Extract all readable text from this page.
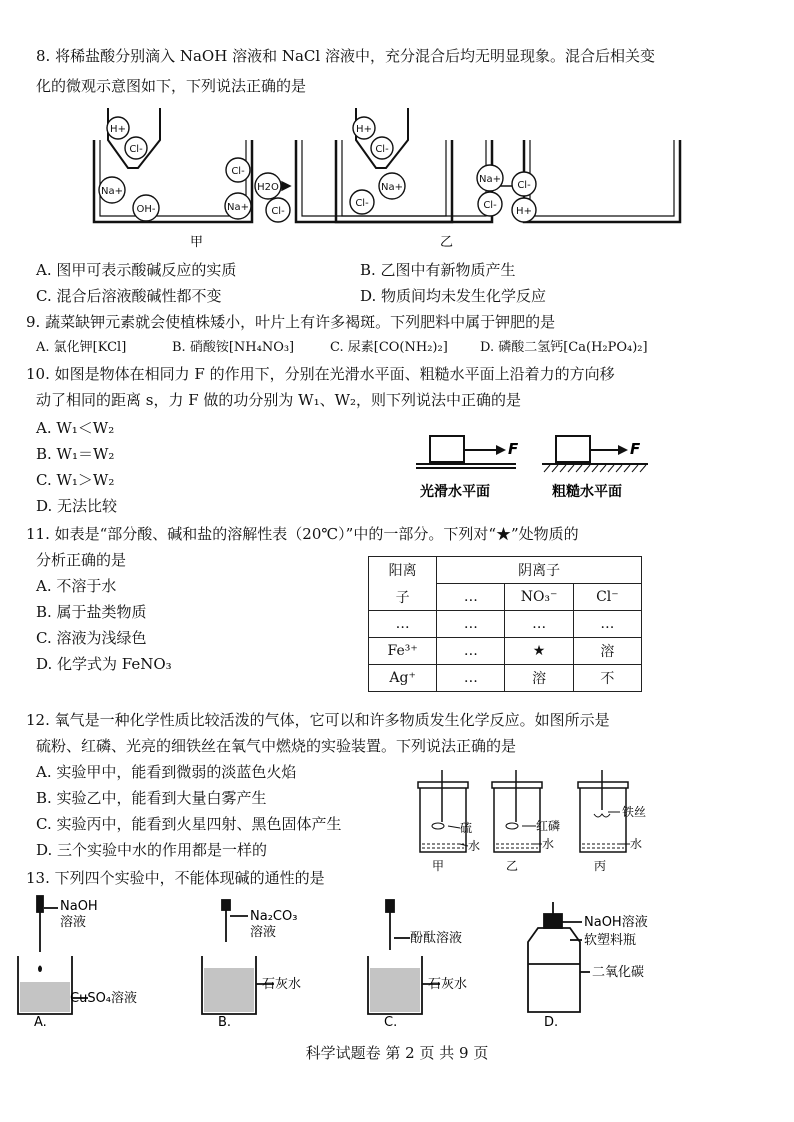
8. 将稀盐酸分别滴入 NaOH 溶液和 NaCl 溶液中，充分混合后均无明显现象。混合后相关变
化的微观示意图如下，下列说法正确的是
H+
Cl-
Na+
OH-
Cl-
H2O
Na+ Cl-
H+
Cl-
Na+
Cl-
Na+
Cl-
Cl-
H+
甲	乙
A. 图甲可表示酸碱反应的实质	B. 乙图中有新物质产生
C. 混合后溶液酸碱性都不变	D. 物质间均未发生化学反应
9. 蔬菜缺钾元素就会使植株矮小，叶片上有许多褐斑。下列肥料中属于钾肥的是
A. 氯化钾[KCl]	B. 硝酸铵[NH₄NO₃]	C. 尿素[CO(NH₂)₂] D. 磷酸二氢钙[Ca(H₂PO₄)₂]
10. 如图是物体在相同力 F 的作用下，分别在光滑水平面、粗糙水平面上沿着力的方向移
动了相同的距离 s，力 F 做的功分别为 W₁、W₂，则下列说法中正确的是
A. W₁＜W₂
B. W₁＝W₂
C. W₁＞W₂
D. 无法比较
F	F
光滑水平面	粗糙水平面
11. 如表是“部分酸、碱和盐的溶解性表（20℃）”中的一部分。下列对“★”处物质的
分析正确的是
A. 不溶于水
B. 属于盐类物质
C. 溶液为浅绿色
D. 化学式为 FeNO₃
阳离	阴离子		
子	…	NO₃⁻	Cl⁻
…	…	…	…
Fe³⁺	…	★	溶
Ag⁺	…	溶	不
12. 氧气是一种化学性质比较活泼的气体，它可以和许多物质发生化学反应。如图所示是
硫粉、红磷、光亮的细铁丝在氧气中燃烧的实验装置。下列说法正确的是
A. 实验甲中，能看到微弱的淡蓝色火焰
B. 实验乙中，能看到大量白雾产生
C. 实验丙中，能看到火星四射、黑色固体产生
D. 三个实验中水的作用都是一样的
硫
水
红磷
水
铁丝
水
甲	乙	丙
13. 下列四个实验中，不能体现碱的通性的是
NaOH
溶液
CuSO₄溶液
A.
Na₂CO₃
溶液
石灰水
B.
酚酞溶液
石灰水
C.
NaOH溶液
软塑料瓶
二氧化碳
D.
科学试题卷 第 2 页 共 9 页
